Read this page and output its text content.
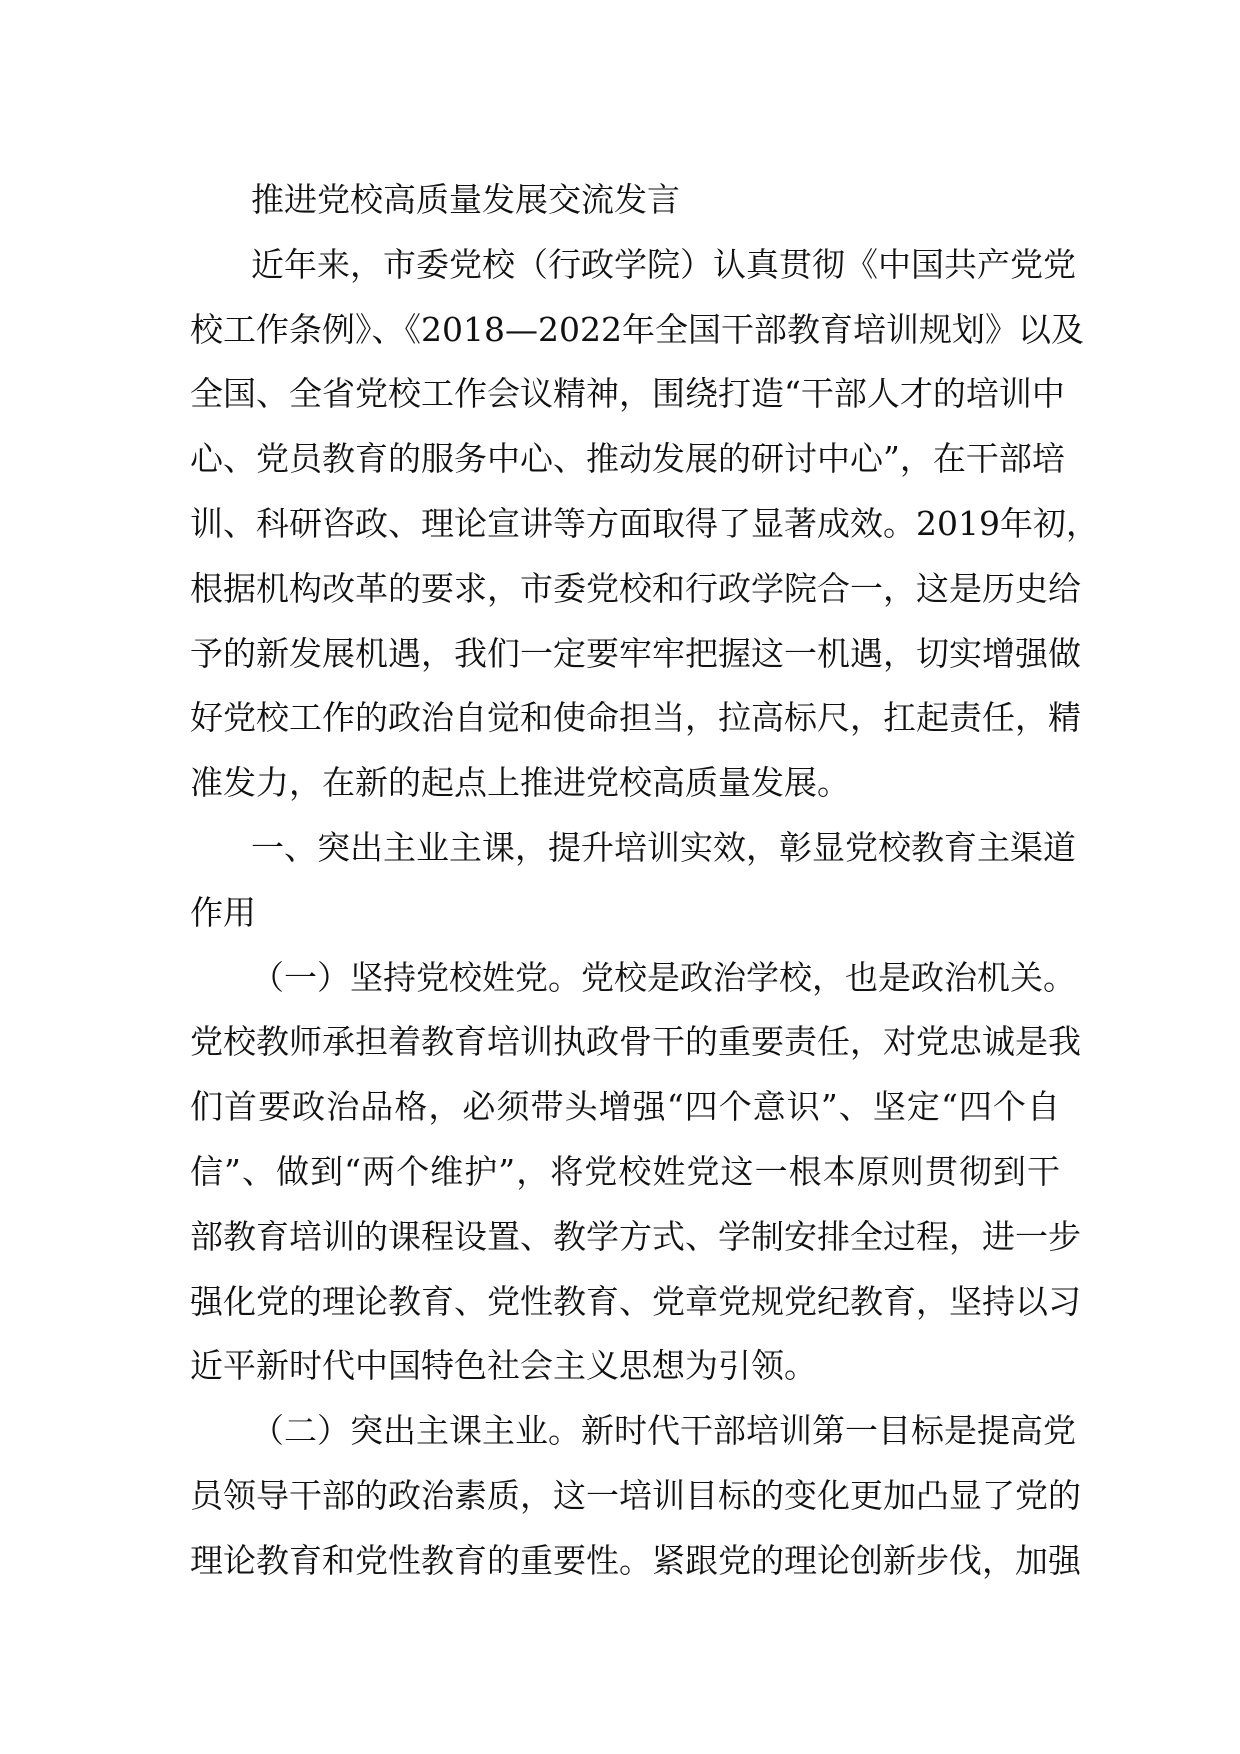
推进党校高质量发展交流发言
近年来，市委党校（行政学院）认真贯彻《中国共产党党
校工作条例》、《2018—2022年全国干部教育培训规划》以及
全国、全省党校工作会议精神，围绕打造“干部人才的培训中
心、党员教育的服务中心、推动发展的研讨中心”，在干部培
训、科研咨政、理论宣讲等方面取得了显著成效。2019年初，
根据机构改革的要求，市委党校和行政学院合一，这是历史给
予的新发展机遇，我们一定要牢牢把握这一机遇，切实增强做
好党校工作的政治自觉和使命担当，拉高标尺，扛起责任，精
准发力，在新的起点上推进党校高质量发展。
一、突出主业主课，提升培训实效，彰显党校教育主渠道
作用
（一）坚持党校姓党。党校是政治学校，也是政治机关。
党校教师承担着教育培训执政骨干的重要责任，对党忠诚是我
们首要政治品格，必须带头增强“四个意识”、坚定“四个自
信”、做到“两个维护”，将党校姓党这一根本原则贯彻到干
部教育培训的课程设置、教学方式、学制安排全过程，进一步
强化党的理论教育、党性教育、党章党规党纪教育，坚持以习
近平新时代中国特色社会主义思想为引领。
（二）突出主课主业。新时代干部培训第一目标是提高党
员领导干部的政治素质，这一培训目标的变化更加凸显了党的
理论教育和党性教育的重要性。紧跟党的理论创新步伐，加强
